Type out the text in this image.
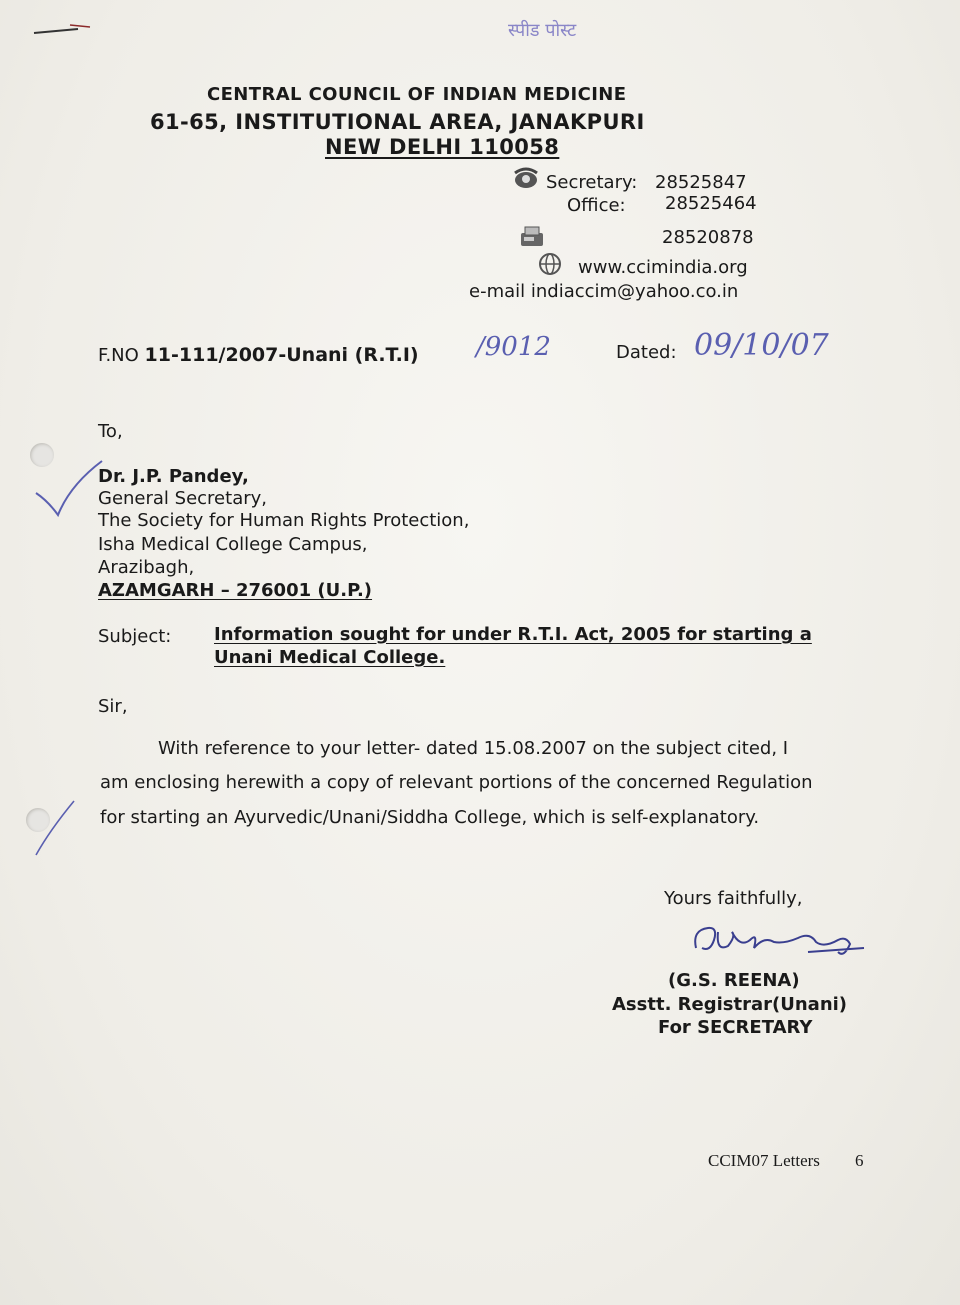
स्पीड पोस्ट
CENTRAL COUNCIL OF INDIAN MEDICINE
61-65, INSTITUTIONAL AREA, JANAKPURI
NEW DELHI 110058
Secretary: 28525847
Office: 28525464
28520878
www.ccimindia.org
e-mail indiaccim@yahoo.co.in
F.NO 11-111/2007-Unani (R.T.I) /9012	Dated: 09/10/07
To,
Dr. J.P. Pandey,
General Secretary,
The Society for Human Rights Protection,
Isha Medical College Campus,
Arazibagh,
AZAMGARH – 276001 (U.P.)
Subject: Information sought for under R.T.I. Act, 2005 for starting a
Unani Medical College.
Sir,
With reference to your letter- dated 15.08.2007 on the subject cited, I
am enclosing herewith a copy of relevant portions of the concerned Regulation
for starting an Ayurvedic/Unani/Siddha College, which is self-explanatory.
Yours faithfully,
(G.S. REENA)
Asstt. Registrar(Unani)
For SECRETARY
CCIM07 Letters 6
